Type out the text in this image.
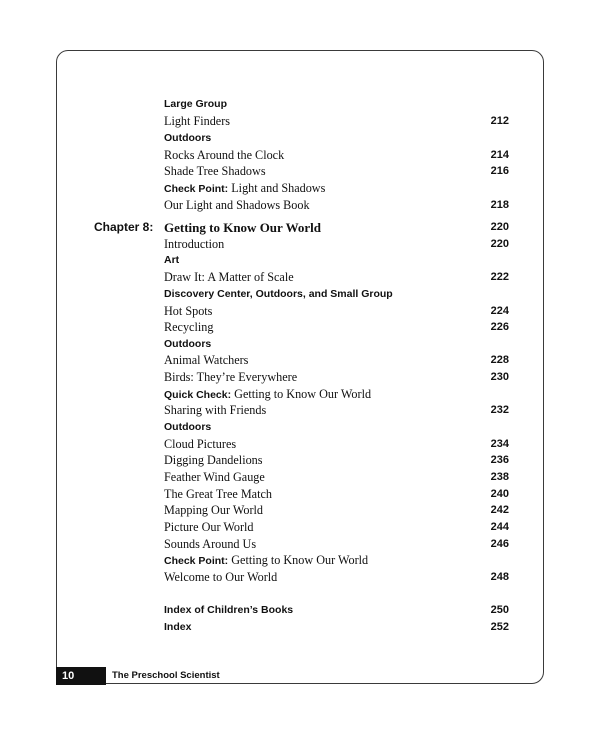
Large Group
Light Finders	212
Outdoors
Rocks Around the Clock	214
Shade Tree Shadows	216
Check Point: Light and Shadows
Our Light and Shadows Book	218
Chapter 8: Getting to Know Our World	220
Introduction	220
Art
Draw It: A Matter of Scale	222
Discovery Center, Outdoors, and Small Group
Hot Spots	224
Recycling	226
Outdoors
Animal Watchers	228
Birds: They’re Everywhere	230
Quick Check: Getting to Know Our World
Sharing with Friends	232
Outdoors
Cloud Pictures	234
Digging Dandelions	236
Feather Wind Gauge	238
The Great Tree Match	240
Mapping Our World	242
Picture Our World	244
Sounds Around Us	246
Check Point: Getting to Know Our World
Welcome to Our World	248
Index of Children’s Books	250
Index	252
10	The Preschool Scientist
